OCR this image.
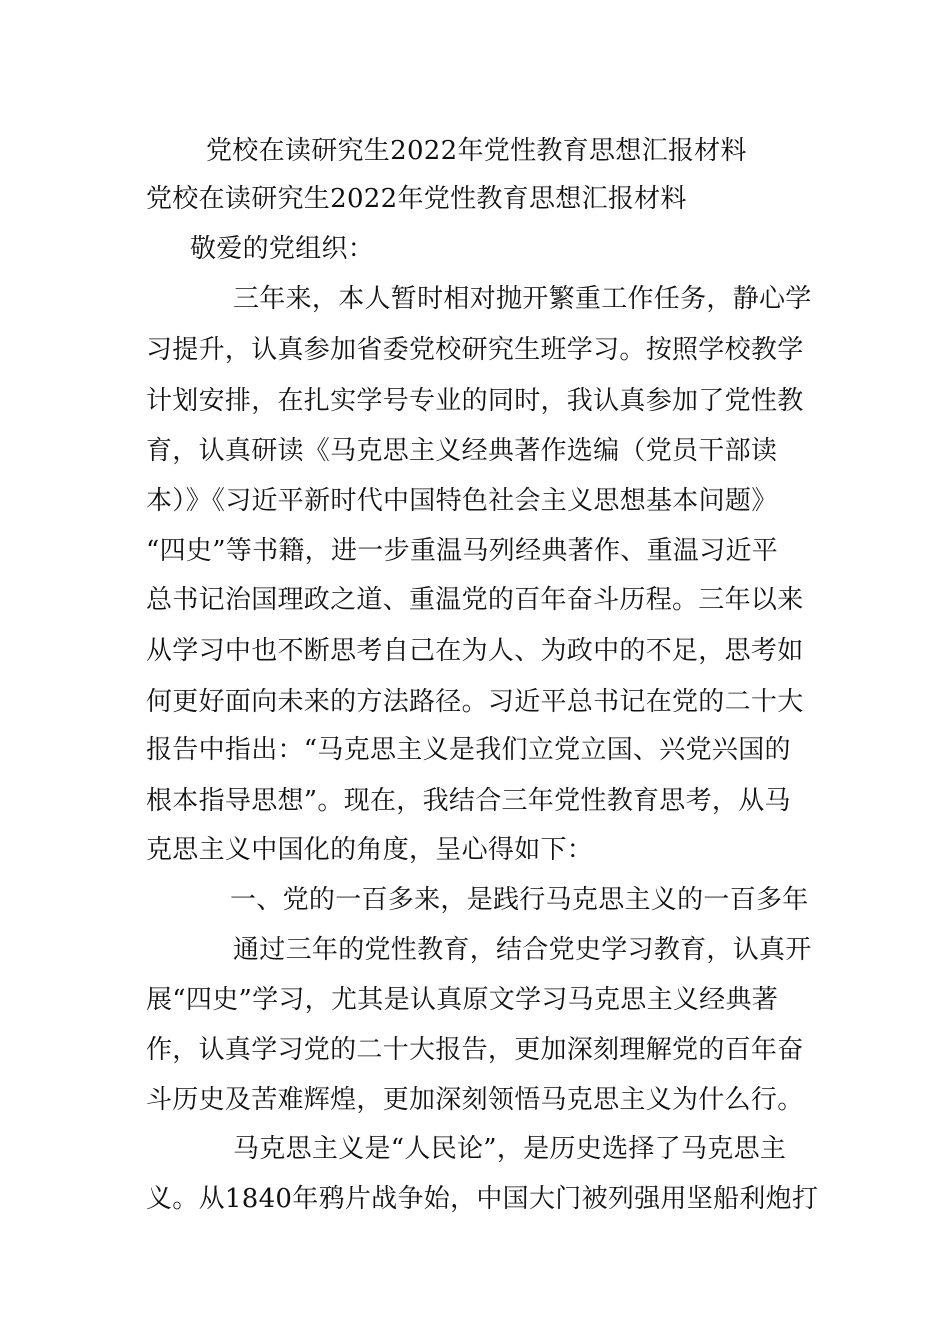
党校在读研究生2022年党性教育思想汇报材料
党校在读研究生2022年党性教育思想汇报材料
敬爱的党组织：
三年来，本人暂时相对抛开繁重工作任务，静心学
习提升，认真参加省委党校研究生班学习。按照学校教学
计划安排，在扎实学号专业的同时，我认真参加了党性教
育，认真研读《马克思主义经典著作选编（党员干部读
本）》《习近平新时代中国特色社会主义思想基本问题》
“四史”等书籍，进一步重温马列经典著作、重温习近平
总书记治国理政之道、重温党的百年奋斗历程。三年以来
从学习中也不断思考自己在为人、为政中的不足，思考如
何更好面向未来的方法路径。习近平总书记在党的二十大
报告中指出：“马克思主义是我们立党立国、兴党兴国的
根本指导思想”。现在，我结合三年党性教育思考，从马
克思主义中国化的角度，呈心得如下：
一、党的一百多来，是践行马克思主义的一百多年
通过三年的党性教育，结合党史学习教育，认真开
展“四史”学习，尤其是认真原文学习马克思主义经典著
作，认真学习党的二十大报告，更加深刻理解党的百年奋
斗历史及苦难辉煌，更加深刻领悟马克思主义为什么行。
马克思主义是“人民论”，是历史选择了马克思主
义。从1840年鸦片战争始，中国大门被列强用坚船利炮打
